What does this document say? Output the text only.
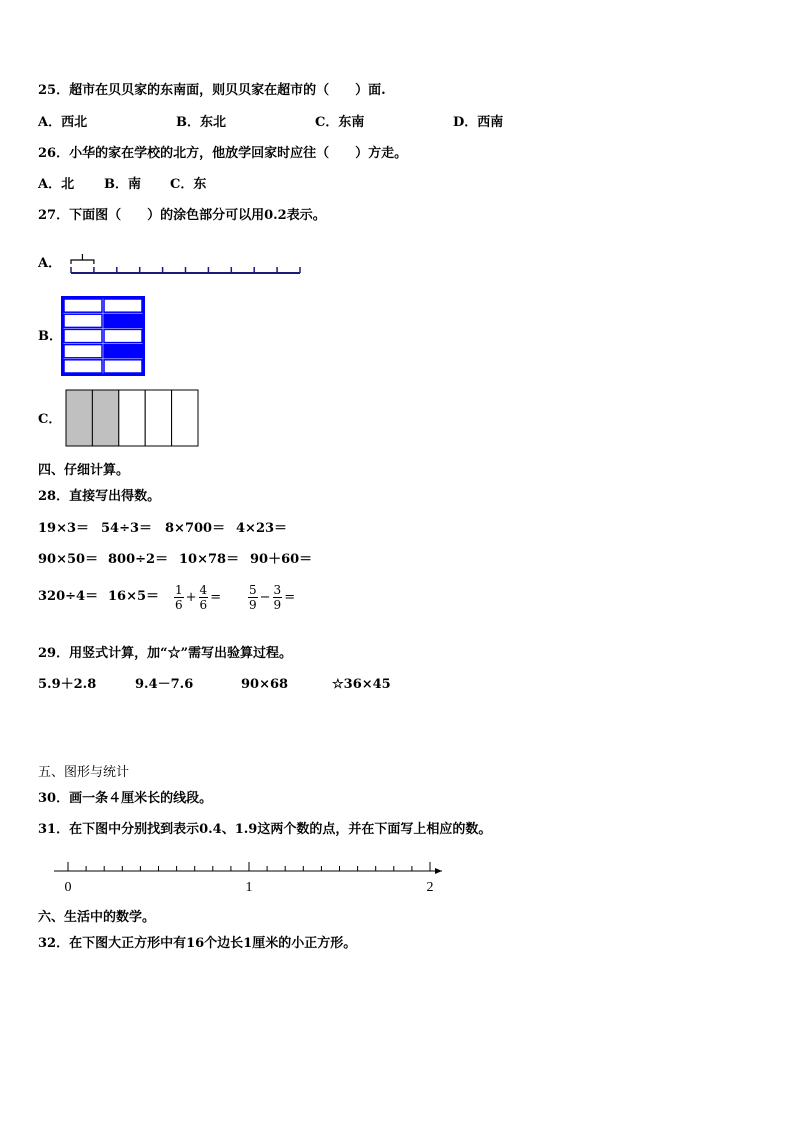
25．超市在贝贝家的东南面，则贝贝家在超市的（　　）面.
A．西北	B．东北	C．东南	D．西南
26．小华的家在学校的北方，他放学回家时应往（　　）方走。
A．北 B．南 C．东
27．下面图（　　）的涂色部分可以用0.2表示。
A．
B．
C．
四、仔细计算。
28．直接写出得数。
19×3＝ 54÷3＝ 8×700＝ 4×23＝
90×50＝ 800÷2＝ 10×78＝ 90＋60＝
$320\div 4= 16\times 5= \frac{1}{6} + \frac{4}{6} = \frac{5}{9} - \frac{3}{9}$ =
29．用竖式计算，加“☆”需写出验算过程。
5.9＋2.8	9.4－7.6	90×68	☆36×45
五、图形与统计
30．画一条４厘米长的线段。
31．在下图中分别找到表示0.4、1.9这两个数的点，并在下面写上相应的数。
0	1	2
六、生活中的数学。
32．在下图大正方形中有16个边长1厘米的小正方形。
